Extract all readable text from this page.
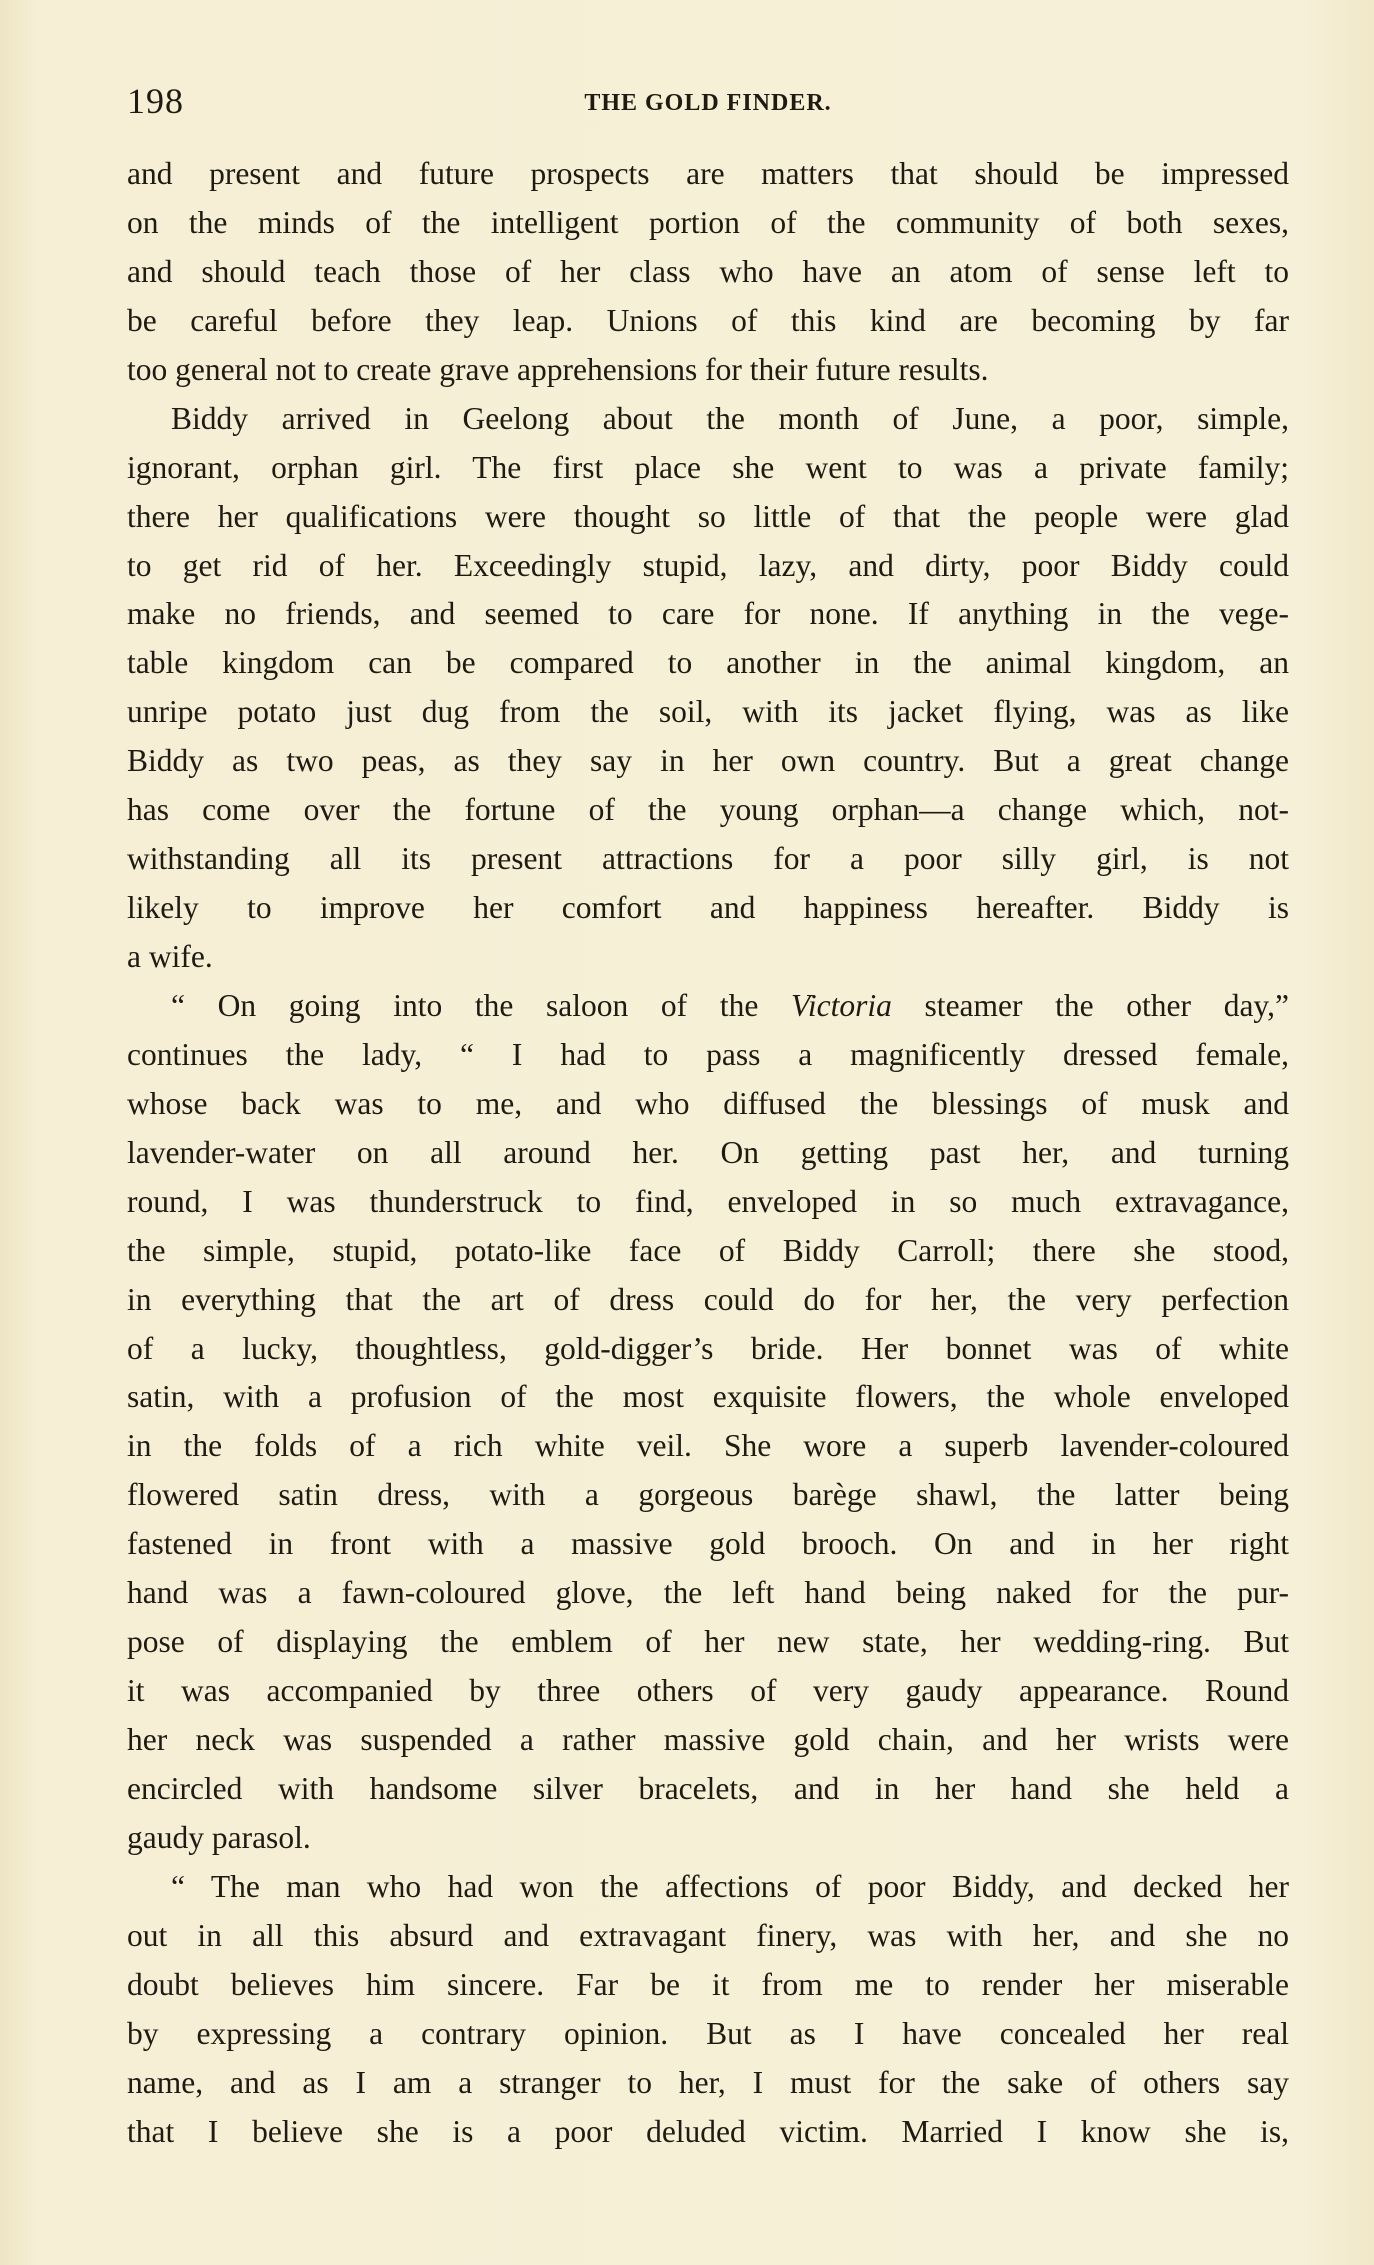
198	THE GOLD FINDER.
and present and future prospects are matters that should be impressed
on the minds of the intelligent portion of the community of both sexes,
and should teach those of her class who have an atom of sense left to
be careful before they leap. Unions of this kind are becoming by far
too general not to create grave apprehensions for their future results.
Biddy arrived in Geelong about the month of June, a poor, simple,
ignorant, orphan girl. The first place she went to was a private family;
there her qualifications were thought so little of that the people were glad
to get rid of her. Exceedingly stupid, lazy, and dirty, poor Biddy could
make no friends, and seemed to care for none. If anything in the vege-
table kingdom can be compared to another in the animal kingdom, an
unripe potato just dug from the soil, with its jacket flying, was as like
Biddy as two peas, as they say in her own country. But a great change
has come over the fortune of the young orphan—a change which, not-
withstanding all its present attractions for a poor silly girl, is not
likely to improve her comfort and happiness hereafter. Biddy is
a wife.
“ On going into the saloon of the Victoria steamer the other day,”
continues the lady, “ I had to pass a magnificently dressed female,
whose back was to me, and who diffused the blessings of musk and
lavender-water on all around her. On getting past her, and turning
round, I was thunderstruck to find, enveloped in so much extravagance,
the simple, stupid, potato-like face of Biddy Carroll; there she stood,
in everything that the art of dress could do for her, the very perfection
of a lucky, thoughtless, gold-digger’s bride. Her bonnet was of white
satin, with a profusion of the most exquisite flowers, the whole enveloped
in the folds of a rich white veil. She wore a superb lavender-coloured
flowered satin dress, with a gorgeous barège shawl, the latter being
fastened in front with a massive gold brooch. On and in her right
hand was a fawn-coloured glove, the left hand being naked for the pur-
pose of displaying the emblem of her new state, her wedding-ring. But
it was accompanied by three others of very gaudy appearance. Round
her neck was suspended a rather massive gold chain, and her wrists were
encircled with handsome silver bracelets, and in her hand she held a
gaudy parasol.
“ The man who had won the affections of poor Biddy, and decked her
out in all this absurd and extravagant finery, was with her, and she no
doubt believes him sincere. Far be it from me to render her miserable
by expressing a contrary opinion. But as I have concealed her real
name, and as I am a stranger to her, I must for the sake of others say
that I believe she is a poor deluded victim. Married I know she is,
